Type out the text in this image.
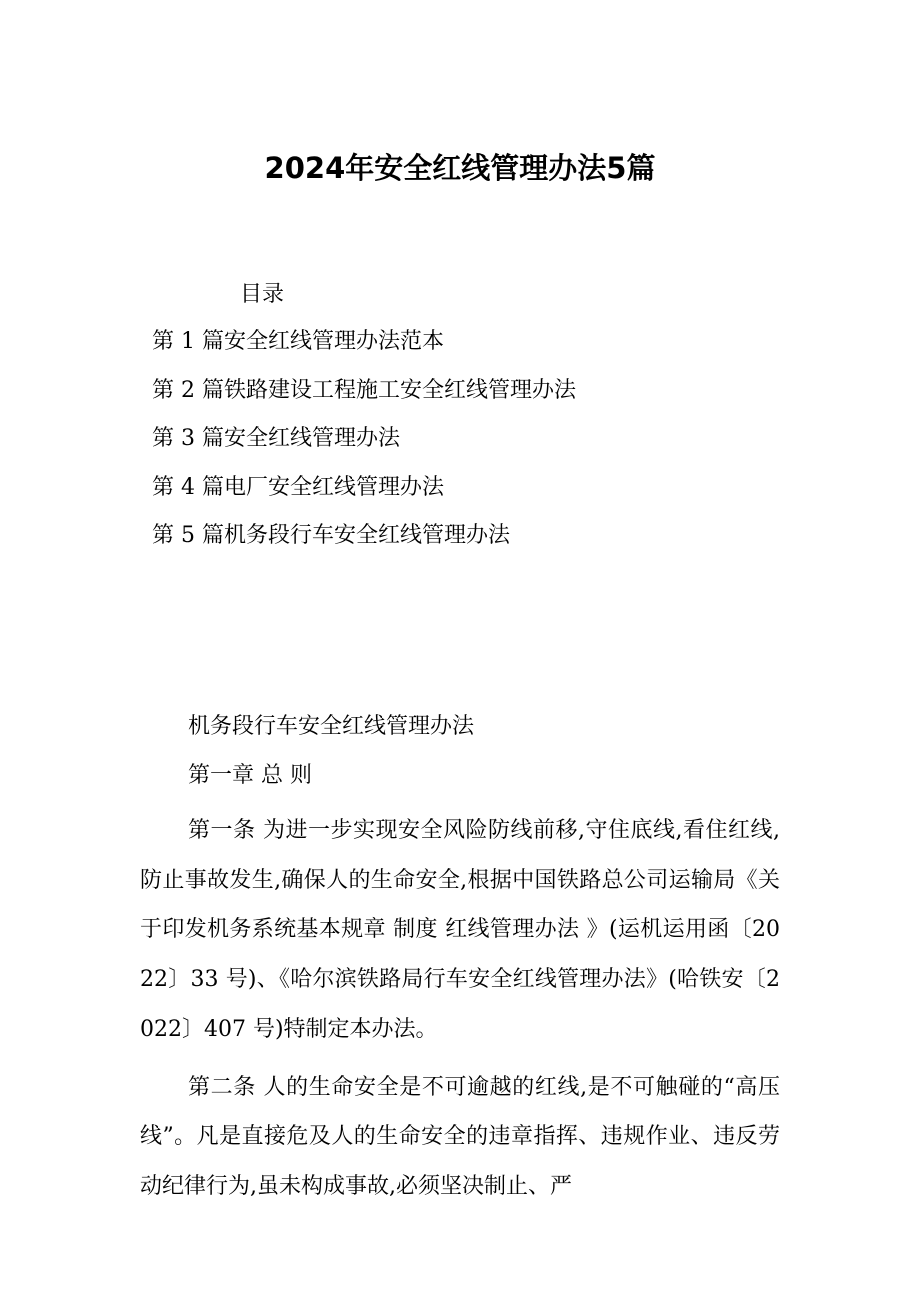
2024年安全红线管理办法5篇
目录
第 1 篇安全红线管理办法范本
第 2 篇铁路建设工程施工安全红线管理办法
第 3 篇安全红线管理办法
第 4 篇电厂安全红线管理办法
第 5 篇机务段行车安全红线管理办法
机务段行车安全红线管理办法
第一章 总 则

第一条 为进一步实现安全风险防线前移,守住底线,看住红线,防止事故发生,确保人的生命安全,根据中国铁路总公司运输局《关于印发机务系统基本规章 制度 红线管理办法 》(运机运用函〔2022〕33 号)、《哈尔滨铁路局行车安全红线管理办法》(哈铁安〔2022〕407 号)特制定本办法。

第二条 人的生命安全是不可逾越的红线,是不可触碰的“高压线”。凡是直接危及人的生命安全的违章指挥、违规作业、违反劳动纪律行为,虽未构成事故,必须坚决制止、严
